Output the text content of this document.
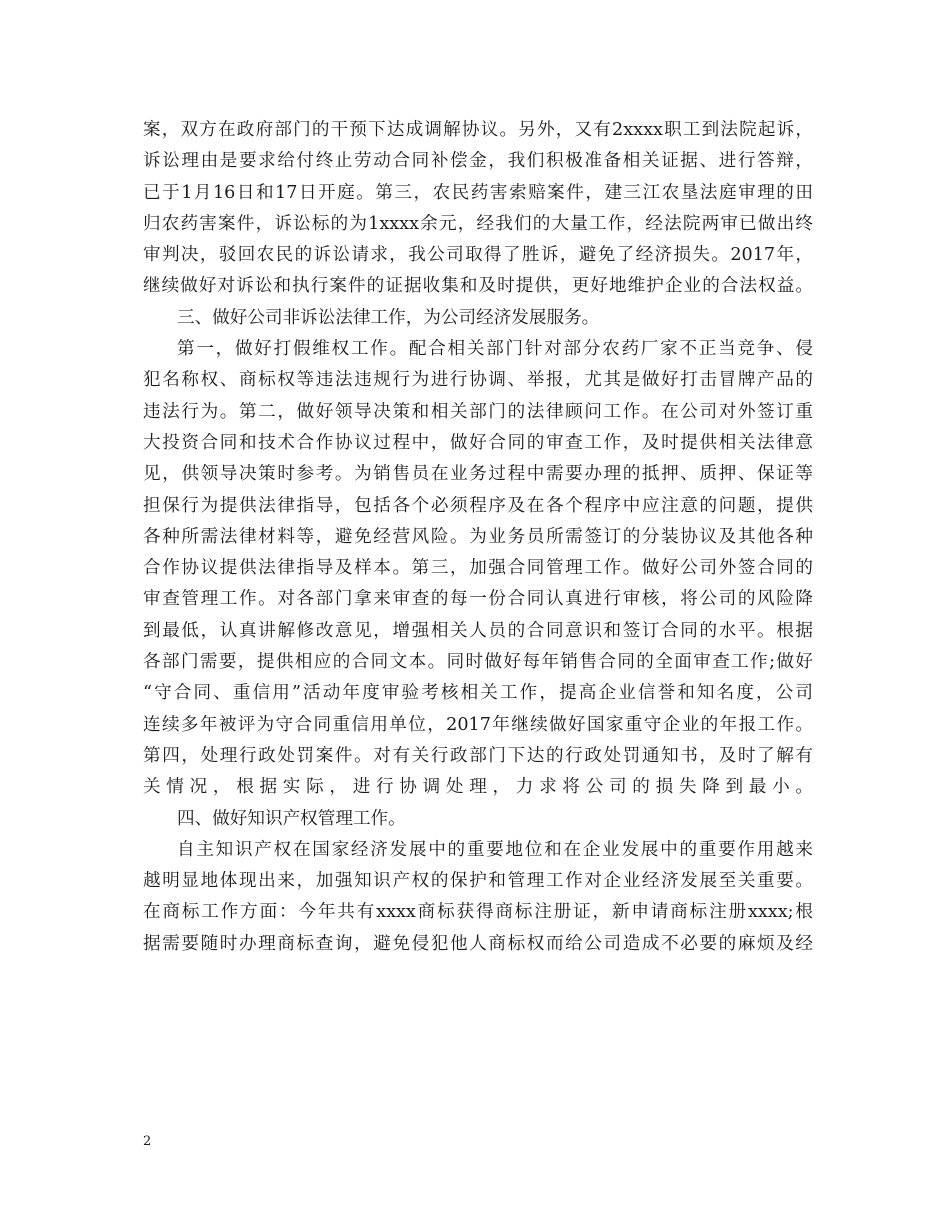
案，双方在政府部门的干预下达成调解协议。另外，又有2xxxx职工到法院起诉，
诉讼理由是要求给付终止劳动合同补偿金，我们积极准备相关证据、进行答辩，
已于1月16日和17日开庭。第三，农民药害索赔案件，建三江农垦法庭审理的田
归农药害案件，诉讼标的为1xxxx余元，经我们的大量工作，经法院两审已做出终
审判决，驳回农民的诉讼请求，我公司取得了胜诉，避免了经济损失。2017年，
继续做好对诉讼和执行案件的证据收集和及时提供，更好地维护企业的合法权益。
三、做好公司非诉讼法律工作，为公司经济发展服务。
第一，做好打假维权工作。配合相关部门针对部分农药厂家不正当竞争、侵
犯名称权、商标权等违法违规行为进行协调、举报，尤其是做好打击冒牌产品的
违法行为。第二，做好领导决策和相关部门的法律顾问工作。在公司对外签订重
大投资合同和技术合作协议过程中，做好合同的审查工作，及时提供相关法律意
见，供领导决策时参考。为销售员在业务过程中需要办理的抵押、质押、保证等
担保行为提供法律指导，包括各个必须程序及在各个程序中应注意的问题，提供
各种所需法律材料等，避免经营风险。为业务员所需签订的分装协议及其他各种
合作协议提供法律指导及样本。第三，加强合同管理工作。做好公司外签合同的
审查管理工作。对各部门拿来审查的每一份合同认真进行审核，将公司的风险降
到最低，认真讲解修改意见，增强相关人员的合同意识和签订合同的水平。根据
各部门需要，提供相应的合同文本。同时做好每年销售合同的全面审查工作;做好
“守合同、重信用”活动年度审验考核相关工作，提高企业信誉和知名度，公司
连续多年被评为守合同重信用单位，2017年继续做好国家重守企业的年报工作。
第四，处理行政处罚案件。对有关行政部门下达的行政处罚通知书，及时了解有
关情况，根据实际，进行协调处理，力求将公司的损失降到最小。
四、做好知识产权管理工作。
自主知识产权在国家经济发展中的重要地位和在企业发展中的重要作用越来
越明显地体现出来，加强知识产权的保护和管理工作对企业经济发展至关重要。
在商标工作方面：今年共有xxxx商标获得商标注册证，新申请商标注册xxxx;根
据需要随时办理商标查询，避免侵犯他人商标权而给公司造成不必要的麻烦及经
2
